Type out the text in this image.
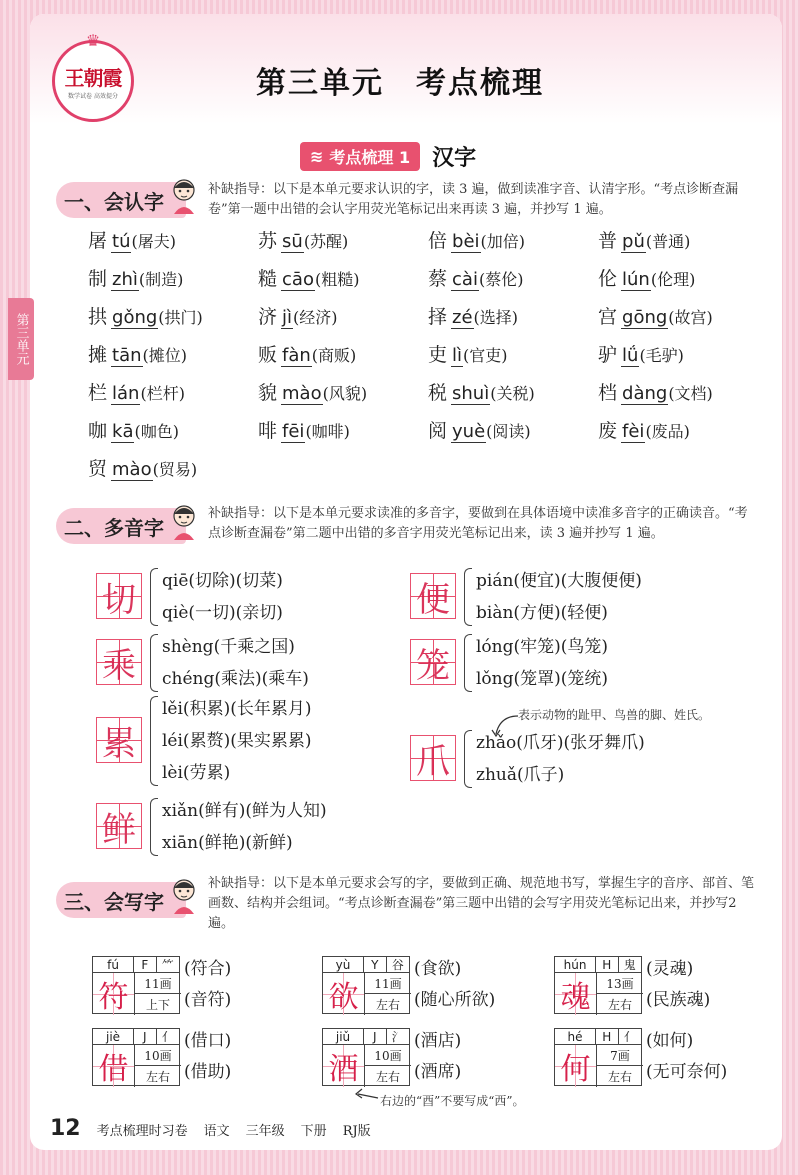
♛
王朝霞
数学试卷 高效提分	第三单元　考点梳理
≋ 考点梳理 1 汉字
第三单元
一、会认字	补缺指导：以下是本单元要求认识的字，读 3 遍，做到读准字音、认清字形。“考点诊断查漏卷”第一题中出错的会认字用荧光笔标记出来再读 3 遍，并抄写 1 遍。
屠 tú (屠夫)	苏 sū (苏醒)	倍 bèi (加倍)	普 pǔ (普通)
制 zhì (制造)	糙 cāo (粗糙)	蔡 cài (蔡伦)	伦 lún (伦理)
拱 gǒng (拱门)	济 jì (经济)	择 zé (选择)	宫 gōng (故宫)
摊 tān (摊位)	贩 fàn (商贩)	吏 lì (官吏)	驴 lǘ (毛驴)
栏 lán (栏杆)	貌 mào (风貌)	税 shuì (关税)	档 dàng (文档)
咖 kā (咖色)	啡 fēi (咖啡)	阅 yuè (阅读)	废 fèi (废品)
贸 mào (贸易)
二、多音字
补缺指导：以下是本单元要求读准的多音字，要做到在具体语境中读准多音字的正确读音。“考点诊断查漏卷”第二题中出错的多音字用荧光笔标记出来，读 3 遍并抄写 1 遍。
切 qiē(切除)(切菜)
qiè(一切)(亲切)	便 pián(便宜)(大腹便便)
biàn(方便)(轻便)
乘 shèng(千乘之国)
chéng(乘法)(乘车)	笼 lóng(牢笼)(鸟笼)
lǒng(笼罩)(笼统)
累
lěi(积累)(长年累月)
léi(累赘)(果实累累)
lèi(劳累)	爪 zhǎo(爪牙)(张牙舞爪)
zhuǎ(爪子)
鲜 xiǎn(鲜有)(鲜为人知)
xiān(鲜艳)(新鲜)
表示动物的趾甲、鸟兽的脚、姓氏。
三、会写字
补缺指导：以下是本单元要求会写的字，要做到正确、规范地书写，掌握生字的音序、部首、笔画数、结构并会组词。“考点诊断查漏卷”第三题中出错的会写字用荧光笔标记出来，并抄写2遍。
fú	F	⺮
符	11画
上下
(符合)
(音符)
yù	Y	谷
欲	11画
左右
(食欲)
(随心所欲)
hún	H	鬼
魂	13画
左右
(灵魂)
(民族魂)
jiè	J	亻
借	10画
左右
(借口)
(借助)
jiǔ	J	氵
酒	10画
左右
(酒店)
(酒席)
hé	H	亻
何	7画
左右
(如何)
(无可奈何)
右边的“酉”不要写成“西”。
12 考点梳理时习卷 语文 三年级 下册 RJ版
